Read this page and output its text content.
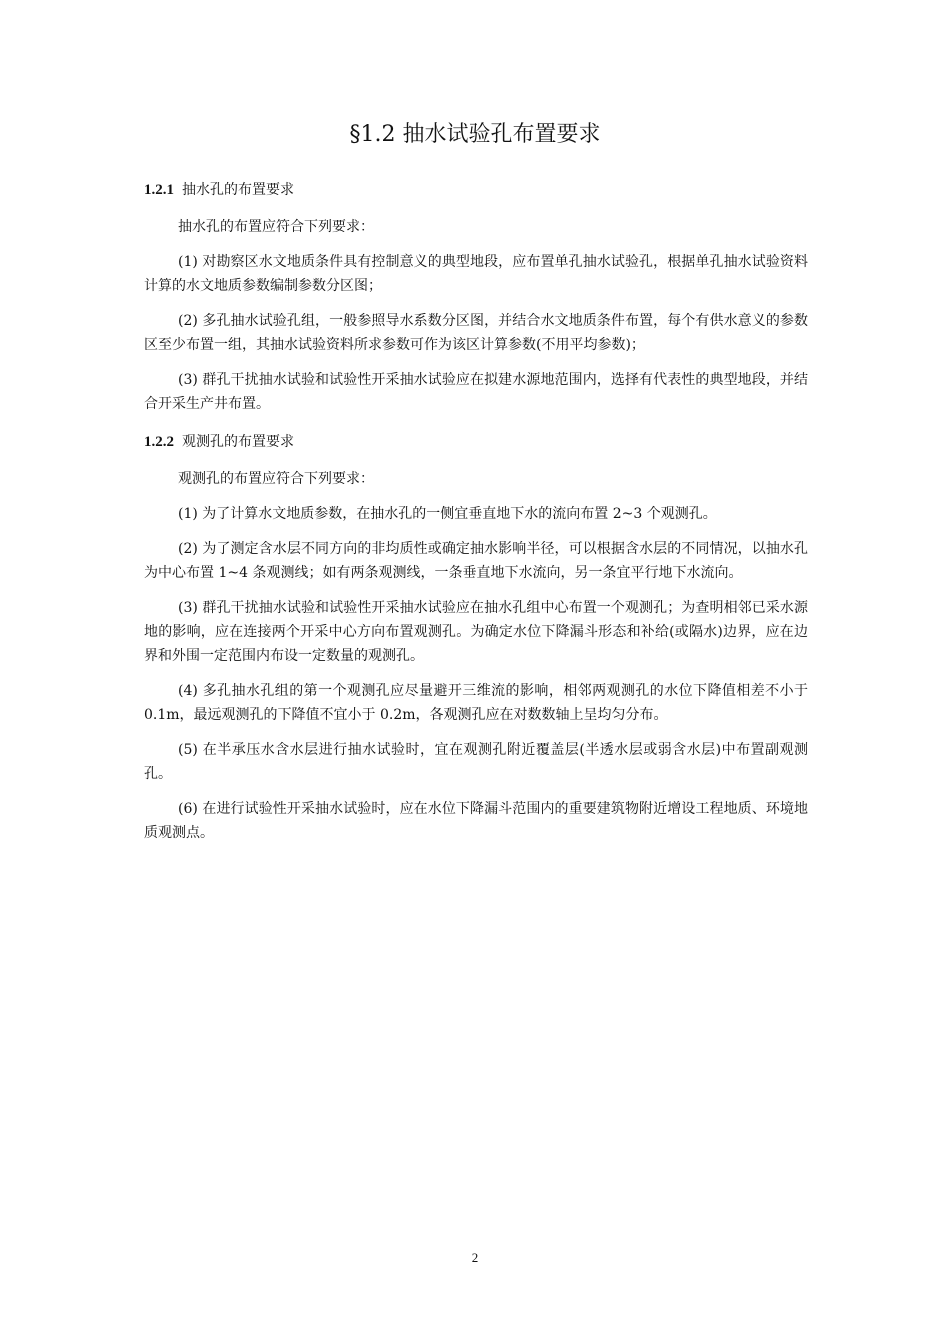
§1.2 抽水试验孔布置要求

1.2.1 抽水孔的布置要求

抽水孔的布置应符合下列要求：

(1) 对勘察区水文地质条件具有控制意义的典型地段，应布置单孔抽水试验孔，根据单孔抽水试验资料计算的水文地质参数编制参数分区图；

(2) 多孔抽水试验孔组，一般参照导水系数分区图，并结合水文地质条件布置，每个有供水意义的参数区至少布置一组，其抽水试验资料所求参数可作为该区计算参数(不用平均参数)；

(3) 群孔干扰抽水试验和试验性开采抽水试验应在拟建水源地范围内，选择有代表性的典型地段，并结合开采生产井布置。

1.2.2 观测孔的布置要求

观测孔的布置应符合下列要求：

(1) 为了计算水文地质参数，在抽水孔的一侧宜垂直地下水的流向布置 2~3 个观测孔。

(2) 为了测定含水层不同方向的非均质性或确定抽水影响半径，可以根据含水层的不同情况，以抽水孔为中心布置 1~4 条观测线；如有两条观测线，一条垂直地下水流向，另一条宜平行地下水流向。

(3) 群孔干扰抽水试验和试验性开采抽水试验应在抽水孔组中心布置一个观测孔；为查明相邻已采水源地的影响，应在连接两个开采中心方向布置观测孔。为确定水位下降漏斗形态和补给(或隔水)边界，应在边界和外围一定范围内布设一定数量的观测孔。

(4) 多孔抽水孔组的第一个观测孔应尽量避开三维流的影响，相邻两观测孔的水位下降值相差不小于 0.1m，最远观测孔的下降值不宜小于 0.2m，各观测孔应在对数数轴上呈均匀分布。

(5) 在半承压水含水层进行抽水试验时，宜在观测孔附近覆盖层(半透水层或弱含水层)中布置副观测孔。

(6) 在进行试验性开采抽水试验时，应在水位下降漏斗范围内的重要建筑物附近增设工程地质、环境地质观测点。

2
